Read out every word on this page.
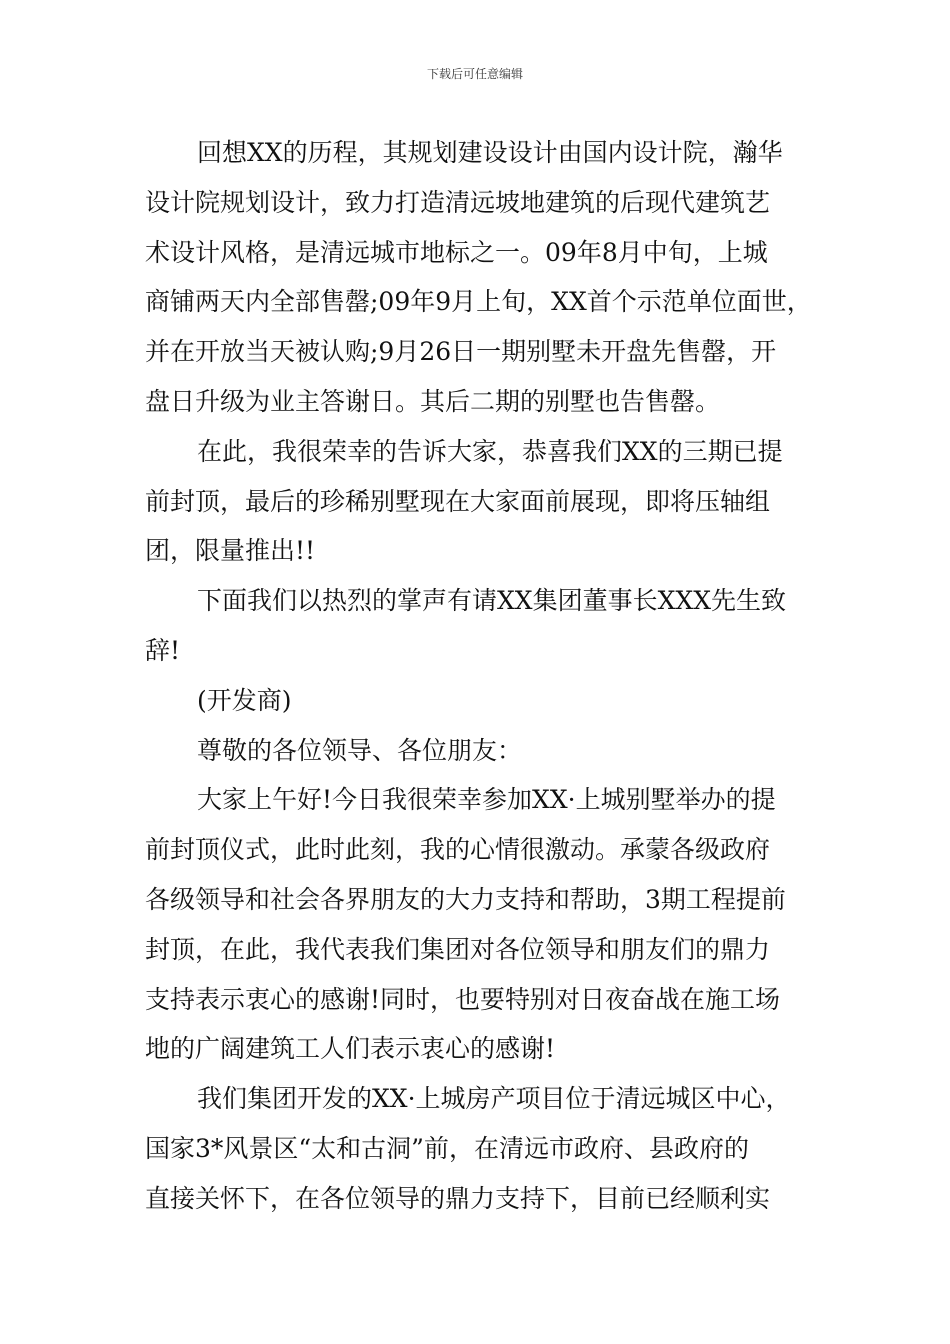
下载后可任意编辑
回想XX的历程，其规划建设设计由国内设计院，瀚华
设计院规划设计，致力打造清远坡地建筑的后现代建筑艺
术设计风格，是清远城市地标之一。09年8月中旬，上城
商铺两天内全部售罄;09年9月上旬，XX首个示范单位面世，
并在开放当天被认购;9月26日一期别墅未开盘先售罄，开
盘日升级为业主答谢日。其后二期的别墅也告售罄。
在此，我很荣幸的告诉大家，恭喜我们XX的三期已提
前封顶，最后的珍稀别墅现在大家面前展现，即将压轴组
团，限量推出!!
下面我们以热烈的掌声有请XX集团董事长XXX先生致
辞!
(开发商)
尊敬的各位领导、各位朋友：
大家上午好!今日我很荣幸参加XX·上城别墅举办的提
前封顶仪式，此时此刻，我的心情很激动。承蒙各级政府
各级领导和社会各界朋友的大力支持和帮助，3期工程提前
封顶，在此，我代表我们集团对各位领导和朋友们的鼎力
支持表示衷心的感谢!同时，也要特别对日夜奋战在施工场
地的广阔建筑工人们表示衷心的感谢!
我们集团开发的XX·上城房产项目位于清远城区中心，
国家3*风景区“太和古洞”前，在清远市政府、县政府的
直接关怀下，在各位领导的鼎力支持下，目前已经顺利实
